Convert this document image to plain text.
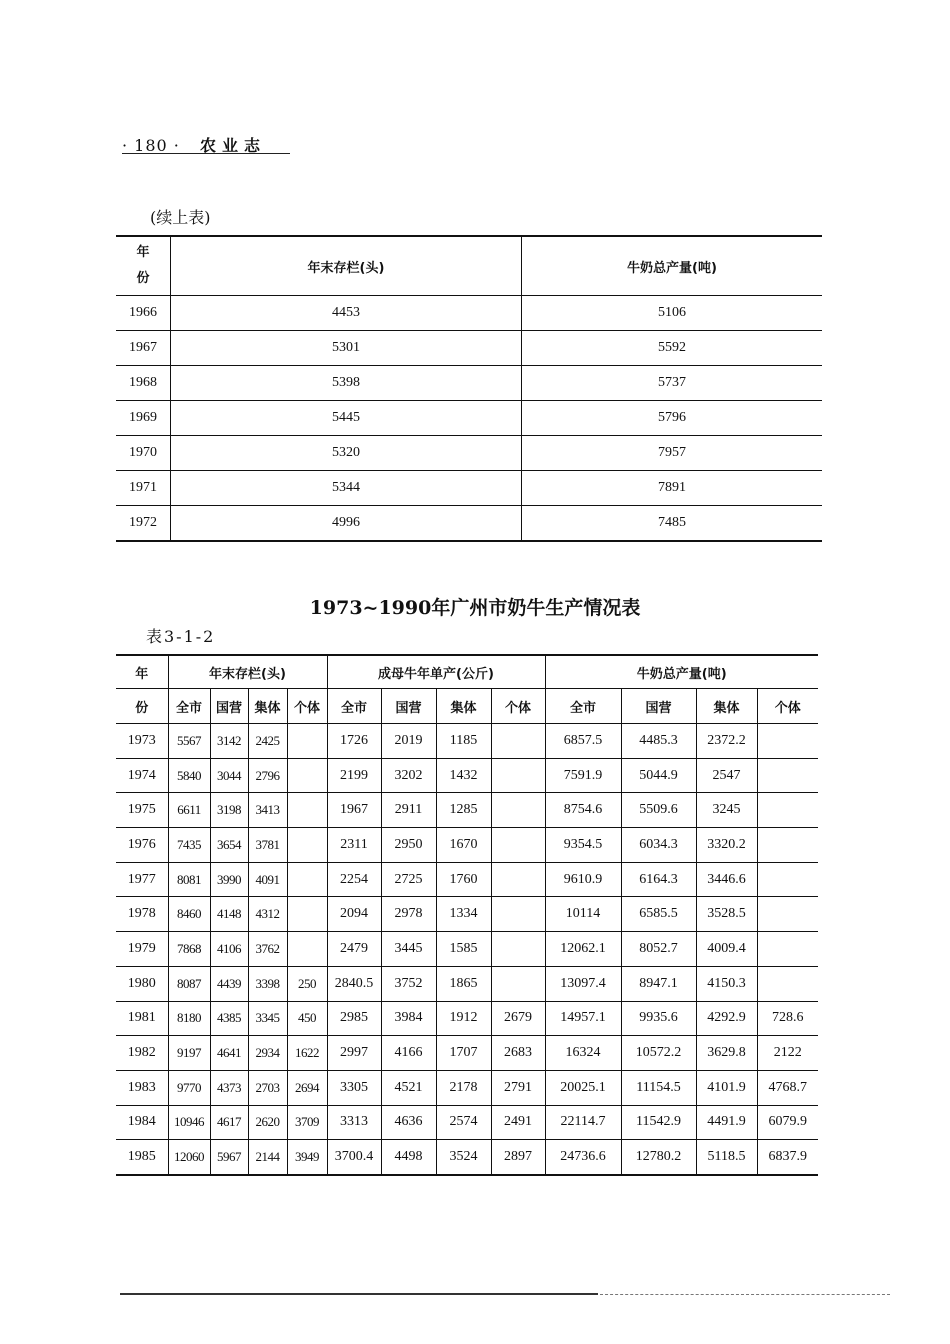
· 180 · 农业志
(续上表)
年
份	年末存栏(头)	牛奶总产量(吨)
1966	4453	5106
1967	5301	5592
1968	5398	5737
1969	5445	5796
1970	5320	7957
1971	5344	7891
1972	4996	7485
1973~1990年广州市奶牛生产情况表
表3-1-2
年	年末存栏(头)				成母牛年单产(公斤)				牛奶总产量(吨)			
份	全市	国营	集体	个体	全市	国营	集体	个体	全市	国营	集体	个体
1973	5567	3142	2425		1726	2019	1185		6857.5	4485.3	2372.2	
1974	5840	3044	2796		2199	3202	1432		7591.9	5044.9	2547	
1975	6611	3198	3413		1967	2911	1285		8754.6	5509.6	3245	
1976	7435	3654	3781		2311	2950	1670		9354.5	6034.3	3320.2	
1977	8081	3990	4091		2254	2725	1760		9610.9	6164.3	3446.6	
1978	8460	4148	4312		2094	2978	1334		10114	6585.5	3528.5	
1979	7868	4106	3762		2479	3445	1585		12062.1	8052.7	4009.4	
1980	8087	4439	3398	250	2840.5	3752	1865		13097.4	8947.1	4150.3	
1981	8180	4385	3345	450	2985	3984	1912	2679	14957.1	9935.6	4292.9	728.6
1982	9197	4641	2934	1622	2997	4166	1707	2683	16324	10572.2	3629.8	2122
1983	9770	4373	2703	2694	3305	4521	2178	2791	20025.1	11154.5	4101.9	4768.7
1984	10946	4617	2620	3709	3313	4636	2574	2491	22114.7	11542.9	4491.9	6079.9
1985	12060	5967	2144	3949	3700.4	4498	3524	2897	24736.6	12780.2	5118.5	6837.9
